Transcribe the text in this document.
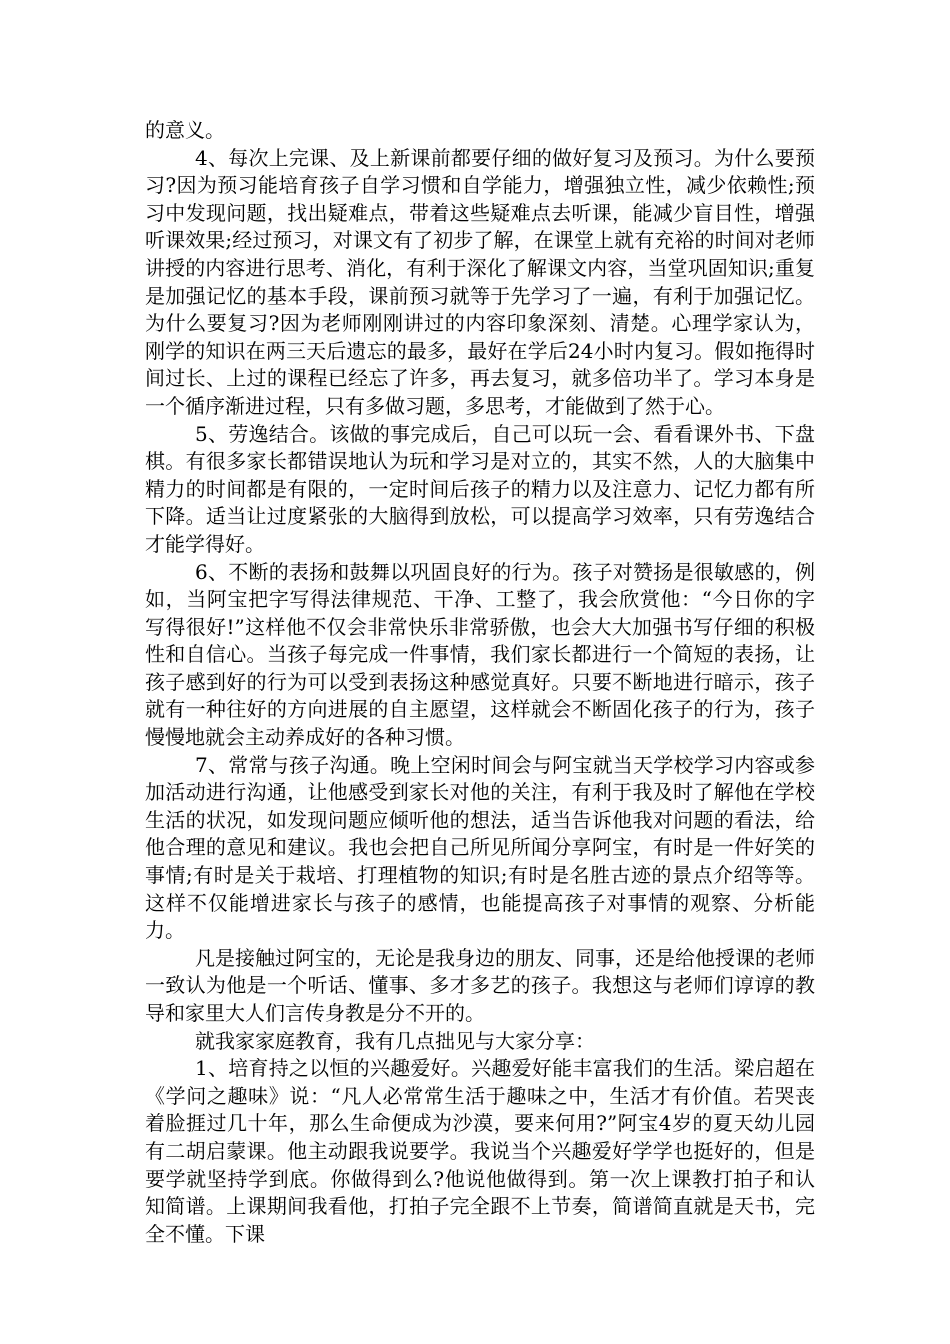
的意义。

4、每次上完课、及上新课前都要仔细的做好复习及预习。为什么要预习?因为预习能培育孩子自学习惯和自学能力，增强独立性，减少依赖性;预习中发现问题，找出疑难点，带着这些疑难点去听课，能减少盲目性，增强听课效果;经过预习，对课文有了初步了解，在课堂上就有充裕的时间对老师讲授的内容进行思考、消化，有利于深化了解课文内容，当堂巩固知识;重复是加强记忆的基本手段，课前预习就等于先学习了一遍，有利于加强记忆。为什么要复习?因为老师刚刚讲过的内容印象深刻、清楚。心理学家认为，刚学的知识在两三天后遗忘的最多，最好在学后24小时内复习。假如拖得时间过长、上过的课程已经忘了许多，再去复习，就多倍功半了。学习本身是一个循序渐进过程，只有多做习题，多思考，才能做到了然于心。

5、劳逸结合。该做的事完成后，自己可以玩一会、看看课外书、下盘棋。有很多家长都错误地认为玩和学习是对立的，其实不然，人的大脑集中精力的时间都是有限的，一定时间后孩子的精力以及注意力、记忆力都有所下降。适当让过度紧张的大脑得到放松，可以提高学习效率，只有劳逸结合才能学得好。

6、不断的表扬和鼓舞以巩固良好的行为。孩子对赞扬是很敏感的，例如，当阿宝把字写得法律规范、干净、工整了，我会欣赏他：“今日你的字写得很好!”这样他不仅会非常快乐非常骄傲，也会大大加强书写仔细的积极性和自信心。当孩子每完成一件事情，我们家长都进行一个简短的表扬，让孩子感到好的行为可以受到表扬这种感觉真好。只要不断地进行暗示，孩子就有一种往好的方向进展的自主愿望，这样就会不断固化孩子的行为，孩子慢慢地就会主动养成好的各种习惯。

7、常常与孩子沟通。晚上空闲时间会与阿宝就当天学校学习内容或参加活动进行沟通，让他感受到家长对他的关注，有利于我及时了解他在学校生活的状况，如发现问题应倾听他的想法，适当告诉他我对问题的看法，给他合理的意见和建议。我也会把自己所见所闻分享阿宝，有时是一件好笑的事情;有时是关于栽培、打理植物的知识;有时是名胜古迹的景点介绍等等。这样不仅能增进家长与孩子的感情，也能提高孩子对事情的观察、分析能力。

凡是接触过阿宝的，无论是我身边的朋友、同事，还是给他授课的老师一致认为他是一个听话、懂事、多才多艺的孩子。我想这与老师们谆谆的教导和家里大人们言传身教是分不开的。

就我家家庭教育，我有几点拙见与大家分享：

1、培育持之以恒的兴趣爱好。兴趣爱好能丰富我们的生活。梁启超在《学问之趣味》说：“凡人必常常生活于趣味之中，生活才有价值。若哭丧着脸捱过几十年，那么生命便成为沙漠，要来何用?”阿宝4岁的夏天幼儿园有二胡启蒙课。他主动跟我说要学。我说当个兴趣爱好学学也挺好的，但是要学就坚持学到底。你做得到么?他说他做得到。第一次上课教打拍子和认知简谱。上课期间我看他，打拍子完全跟不上节奏，简谱简直就是天书，完全不懂。下课
